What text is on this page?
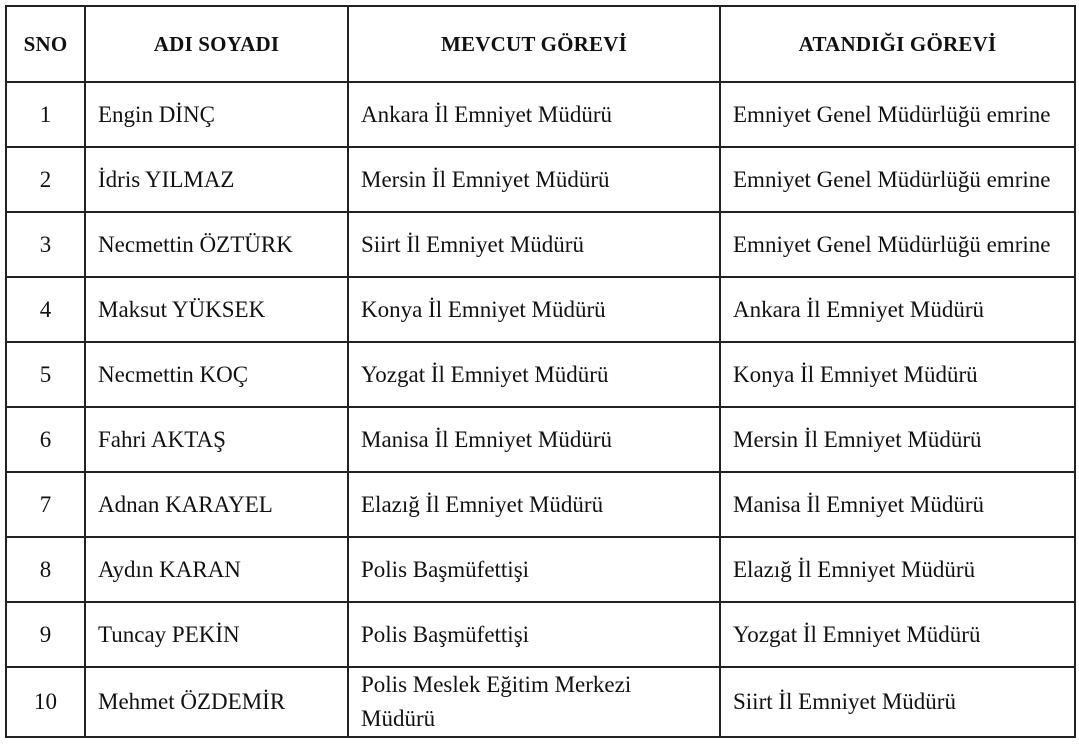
SNO	ADI SOYADI	MEVCUT GÖREVİ	ATANDIĞI GÖREVİ
1	Engin DİNÇ	Ankara İl Emniyet Müdürü	Emniyet Genel Müdürlüğü emrine
2	İdris YILMAZ	Mersin İl Emniyet Müdürü	Emniyet Genel Müdürlüğü emrine
3	Necmettin ÖZTÜRK	Siirt İl Emniyet Müdürü	Emniyet Genel Müdürlüğü emrine
4	Maksut YÜKSEK	Konya İl Emniyet Müdürü	Ankara İl Emniyet Müdürü
5	Necmettin KOÇ	Yozgat İl Emniyet Müdürü	Konya İl Emniyet Müdürü
6	Fahri AKTAŞ	Manisa İl Emniyet Müdürü	Mersin İl Emniyet Müdürü
7	Adnan KARAYEL	Elazığ İl Emniyet Müdürü	Manisa İl Emniyet Müdürü
8	Aydın KARAN	Polis Başmüfettişi	Elazığ İl Emniyet Müdürü
9	Tuncay PEKİN	Polis Başmüfettişi	Yozgat İl Emniyet Müdürü
10	Mehmet ÖZDEMİR	Polis Meslek Eğitim Merkezi Müdürü	Siirt İl Emniyet Müdürü
